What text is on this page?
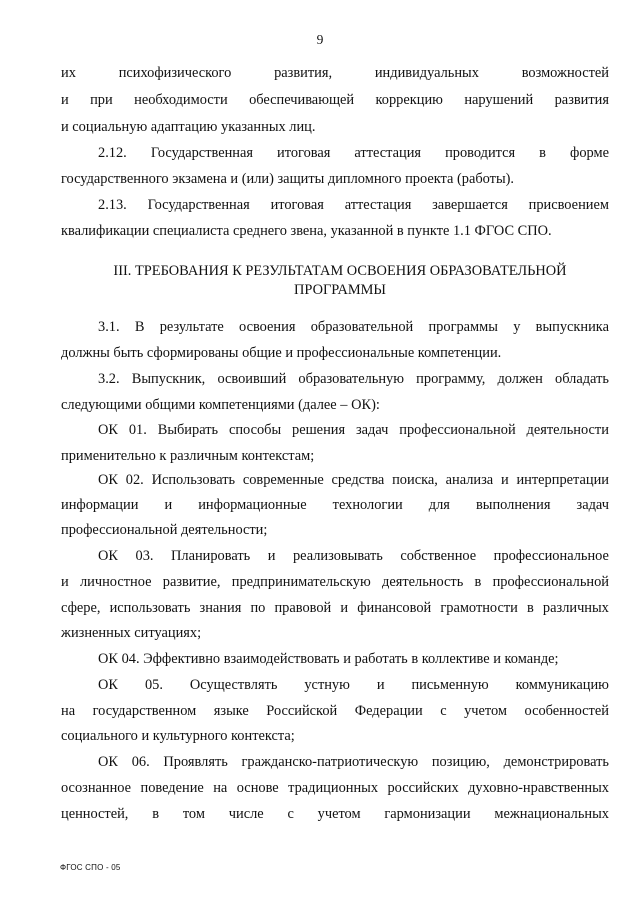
9
их	психофизического	развития,	индивидуальных	возможностей
и при необходимости обеспечивающей коррекцию нарушений развития
и социальную адаптацию указанных лиц.
2.12. Государственная итоговая аттестация проводится в форме
государственного экзамена и (или) защиты дипломного проекта (работы).
2.13. Государственная итоговая аттестация завершается присвоением
квалификации специалиста среднего звена, указанной в пункте 1.1 ФГОС СПО.
3.1. В результате освоения образовательной программы у выпускника
должны быть сформированы общие и профессиональные компетенции.
3.2. Выпускник, освоивший образовательную программу, должен обладать
следующими общими компетенциями (далее – ОК):
ОК 01. Выбирать способы решения задач профессиональной деятельности
применительно к различным контекстам;
ОК 02. Использовать современные средства поиска, анализа и интерпретации
информации и информационные технологии для выполнения задач
профессиональной деятельности;
ОК 03. Планировать и реализовывать собственное профессиональное
и личностное развитие, предпринимательскую деятельность в профессиональной
сфере, использовать знания по правовой и финансовой грамотности в различных
жизненных ситуациях;
ОК 04. Эффективно взаимодействовать и работать в коллективе и команде;
ОК 05. Осуществлять устную и письменную коммуникацию
на государственном языке Российской Федерации с учетом особенностей
социального и культурного контекста;
ОК 06. Проявлять гражданско-патриотическую позицию, демонстрировать
осознанное поведение на основе традиционных российских духовно-нравственных
ценностей, в том числе с учетом гармонизации межнациональных
III. ТРЕБОВАНИЯ К РЕЗУЛЬТАТАМ ОСВОЕНИЯ ОБРАЗОВАТЕЛЬНОЙ
ПРОГРАММЫ
ФГОС СПО - 05
